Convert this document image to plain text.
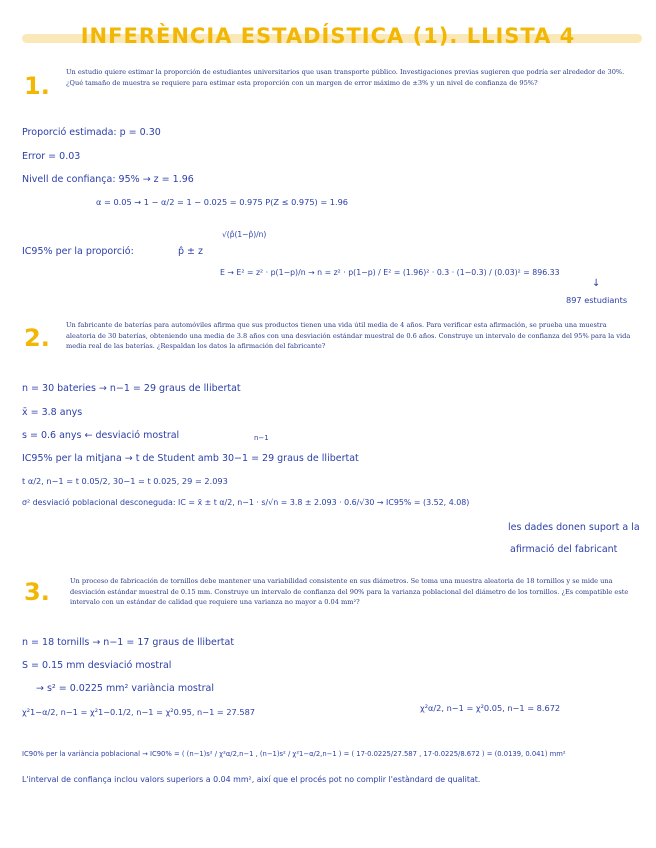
INFERÈNCIA ESTADÍSTICA (1). LLISTA 4
1. Un estudio quiere estimar la proporción de estudiantes universitarios que usan transporte público. Investigaciones previas sugieren que podría ser alrededor de 30%. ¿Qué tamaño de muestra se requiere para estimar esta proporción con un margen de error máximo de ±3% y un nivel de confianza de 95%?
Proporció estimada: p = 0.30
Error = 0.03
Nivell de confiança: 95% → z = 1.96
α = 0.05 → 1 − α/2 = 1 − 0.025 = 0.975 P(Z ≤ 0.975) = 1.96
IC95% per la proporció:	p̂ ± z
√(p̂(1−p̂)/n)
E → E² = z² · p(1−p)/n → n = z² · p(1−p) / E² = (1.96)² · 0.3 · (1−0.3) / (0.03)² = 896.33
↓
897 estudiants
2. Un fabricante de baterías para automóviles afirma que sus productos tienen una vida útil media de 4 años. Para verificar esta afirmación, se prueba una muestra aleatoria de 30 baterías, obteniendo una media de 3.8 años con una desviación estándar muestral de 0.6 años. Construye un intervalo de confianza del 95% para la vida media real de las baterías. ¿Respaldan los datos la afirmación del fabricante?
n = 30 bateries → n−1 = 29 graus de llibertat
x̄ = 3.8 anys
s = 0.6 anys ← desviació mostral	n−1
IC95% per la mitjana → t de Student amb 30−1 = 29 graus de llibertat
t α/2, n−1 = t 0.05/2, 30−1 = t 0.025, 29 = 2.093
σ² desviació poblacional desconeguda: IC = x̄ ± t α/2, n−1 · s/√n = 3.8 ± 2.093 · 0.6/√30 → IC95% = (3.52, 4.08)
les dades donen suport a la
afirmació del fabricant
3.	Un proceso de fabricación de tornillos debe mantener una variabilidad consistente en sus diámetros. Se toma una muestra aleatoria de 18 tornillos y se mide una desviación estándar muestral de 0.15 mm. Construye un intervalo de confianza del 90% para la varianza poblacional del diámetro de los tornillos. ¿Es compatible este intervalo con un estándar de calidad que requiere una varianza no mayor a 0.04 mm²?
n = 18 tornills → n−1 = 17 graus de llibertat
S = 0.15 mm desviació mostral
→ s² = 0.0225 mm² variància mostral
χ²1−α/2, n−1 = χ²1−0.1/2, n−1 = χ²0.95, n−1 = 27.587	χ²α/2, n−1 = χ²0.05, n−1 = 8.672
IC90% per la variància poblacional → IC90% = ( (n−1)s² / χ²α/2,n−1 , (n−1)s² / χ²1−α/2,n−1 ) = ( 17·0.0225/27.587 , 17·0.0225/8.672 ) = (0.0139, 0.041) mm²
L'interval de confiança inclou valors superiors a 0.04 mm², així que el procés pot no complir l'estàndard de qualitat.
